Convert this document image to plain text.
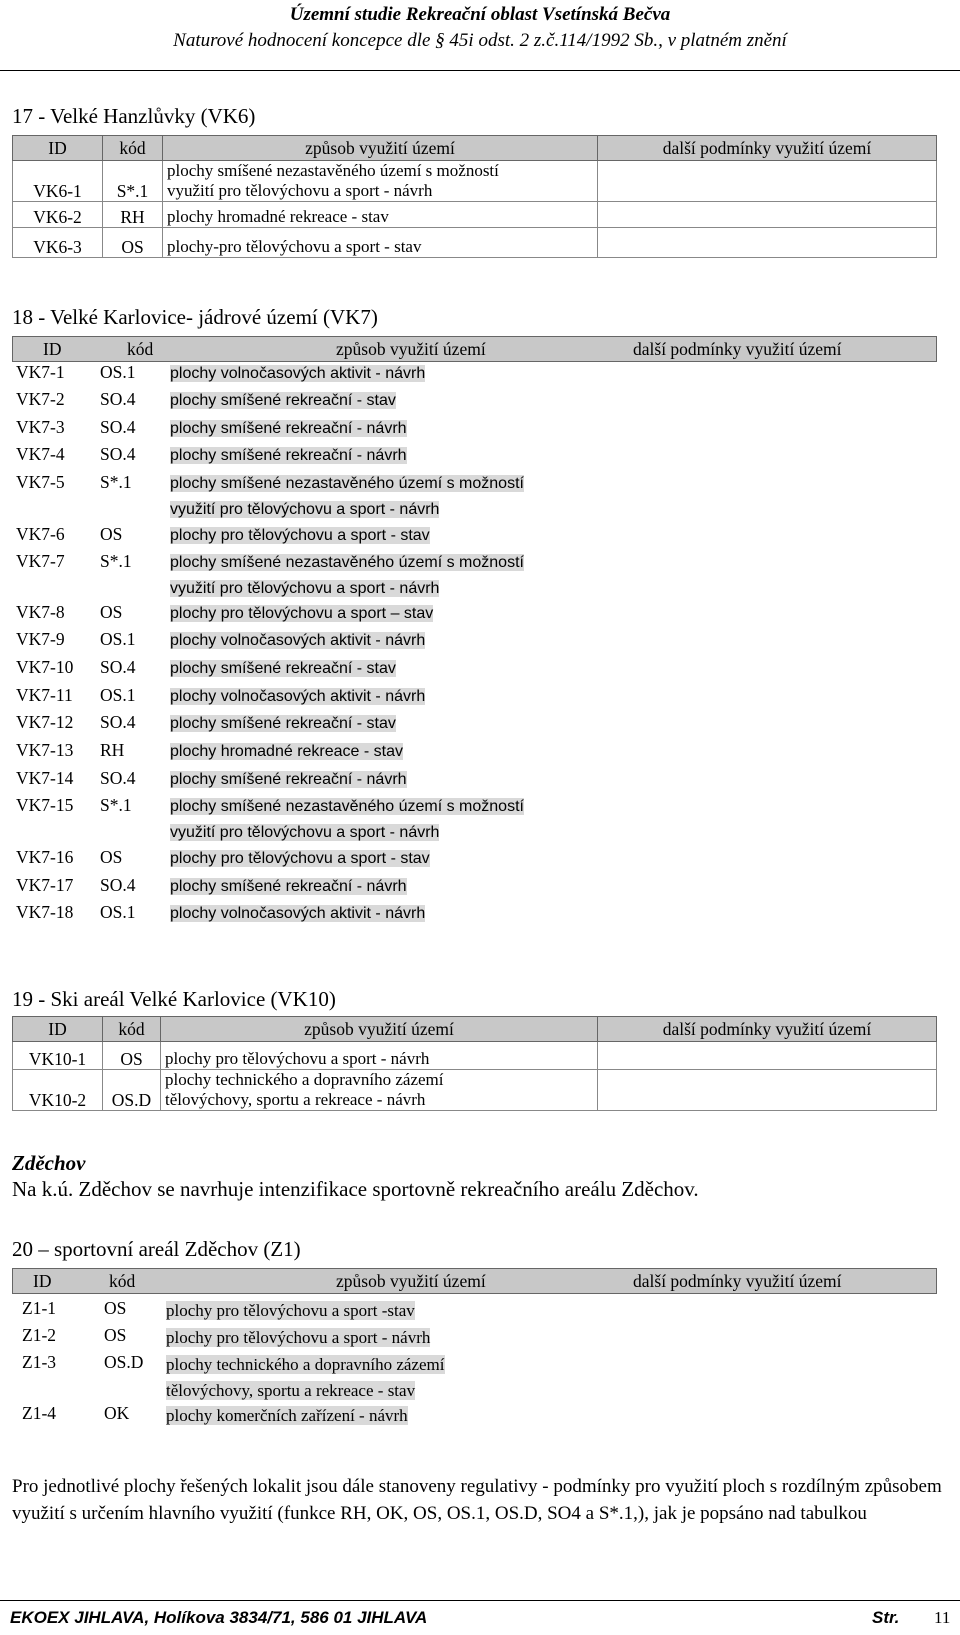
Územní studie Rekreační oblast Vsetínská Bečva
Naturové hodnocení koncepce dle § 45i odst. 2 z.č.114/1992 Sb., v platném znění
17 - Velké Hanzlůvky (VK6)
ID	kód	způsob využití území	další podmínky využití území
VK6-1	S*.1	plochy smíšené nezastavěného území s možností
využití pro tělovýchovu a sport - návrh	

VK6-2	RH	plochy hromadné rekreace - stav	
VK6-3	OS	plochy-pro tělovýchovu a sport - stav	
18 - Velké Karlovice- jádrové území (VK7)
ID	kód	způsob využití území	další podmínky využití území
VK7-1 OS.1 plochy volnočasových aktivit - návrh
VK7-2 SO.4 plochy smíšené rekreační - stav
VK7-3 SO.4 plochy smíšené rekreační - návrh
VK7-4 SO.4 plochy smíšené rekreační - návrh
VK7-5 S*.1 plochy smíšené nezastavěného území s možností
využití pro tělovýchovu a sport - návrh
VK7-6 OS	plochy pro tělovýchovu a sport - stav
VK7-7 S*.1 plochy smíšené nezastavěného území s možností
využití pro tělovýchovu a sport - návrh
VK7-8 OS	plochy pro tělovýchovu a sport – stav
VK7-9 OS.1 plochy volnočasových aktivit - návrh
VK7-10 SO.4 plochy smíšené rekreační - stav
VK7-11 OS.1 plochy volnočasových aktivit - návrh
VK7-12 SO.4 plochy smíšené rekreační - stav
VK7-13 RH	plochy hromadné rekreace - stav
VK7-14 SO.4 plochy smíšené rekreační - návrh
VK7-15 S*.1 plochy smíšené nezastavěného území s možností
využití pro tělovýchovu a sport - návrh
VK7-16 OS	plochy pro tělovýchovu a sport - stav
VK7-17 SO.4 plochy smíšené rekreační - návrh
VK7-18 OS.1 plochy volnočasových aktivit - návrh
19 - Ski areál Velké Karlovice (VK10)
ID	kód	způsob využití území	další podmínky využití území
VK10-1	OS	plochy pro tělovýchovu a sport - návrh	
VK10-2	OS.D	plochy technického a dopravního zázemí
tělovýchovy, sportu a rekreace - návrh	

Zděchov
Na k.ú. Zděchov se navrhuje intenzifikace sportovně rekreačního areálu Zděchov.
20 – sportovní areál Zděchov (Z1)
ID	kód	způsob využití území	další podmínky využití území
Z1-1	OS plochy pro tělovýchovu a sport -stav
Z1-2	OS plochy pro tělovýchovu a sport - návrh
Z1-3	OS.D plochy technického a dopravního zázemí
tělovýchovy, sportu a rekreace - stav
Z1-4	OK plochy komerčních zařízení - návrh
Pro jednotlivé plochy řešených lokalit jsou dále stanoveny regulativy - podmínky pro využití ploch s rozdílným způsobem využití s určením hlavního využití (funkce RH, OK, OS, OS.1, OS.D, SO4 a S*.1,), jak je popsáno nad tabulkou
EKOEX JIHLAVA, Holíkova 3834/71, 586 01 JIHLAVA	Str. 11
